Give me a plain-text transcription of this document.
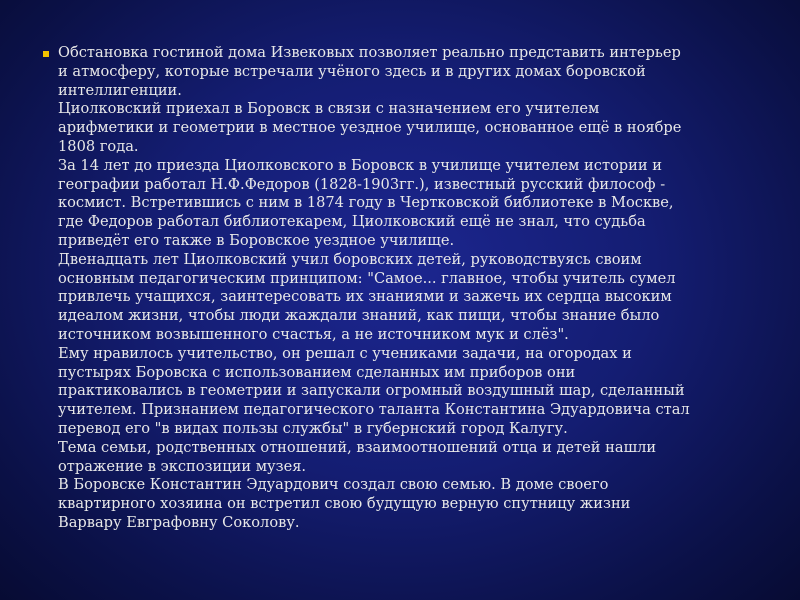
Обстановка гостиной дома Извековых позволяет реально представить интерьер
и атмосферу, которые встречали учёного здесь и в других домах боровской
интеллигенции.

Циолковский приехал в Боровск в связи с назначением его учителем
арифметики и геометрии в местное уездное училище, основанное ещё в ноябре
1808 года.

За 14 лет до приезда Циолковского в Боровск в училище учителем истории и
географии работал Н.Ф.Федоров (1828-1903гг.), известный русский философ -
космист. Встретившись с ним в 1874 году в Чертковской библиотеке в Москве,
где Федоров работал библиотекарем, Циолковский ещё не знал, что судьба
приведёт его также в Боровское уездное училище.

Двенадцать лет Циолковский учил боровских детей, руководствуясь своим
основным педагогическим принципом: "Самое... главное, чтобы учитель сумел
привлечь учащихся, заинтересовать их знаниями и зажечь их сердца высоким
идеалом жизни, чтобы люди жаждали знаний, как пищи, чтобы знание было
источником возвышенного счастья, а не источником мук и слёз".

Ему нравилось учительство, он решал с учениками задачи, на огородах и
пустырях Боровска с использованием сделанных им приборов они
практиковались в геометрии и запускали огромный воздушный шар, сделанный
учителем. Признанием педагогического таланта Константина Эдуардовича стал
перевод его "в видах пользы службы" в губернский город Калугу.

Тема семьи, родственных отношений, взаимоотношений отца и детей нашли
отражение в экспозиции музея.

В Боровске Константин Эдуардович создал свою семью. В доме своего
квартирного хозяина он встретил свою будущую верную спутницу жизни
Варвару Евграфовну Соколову.
